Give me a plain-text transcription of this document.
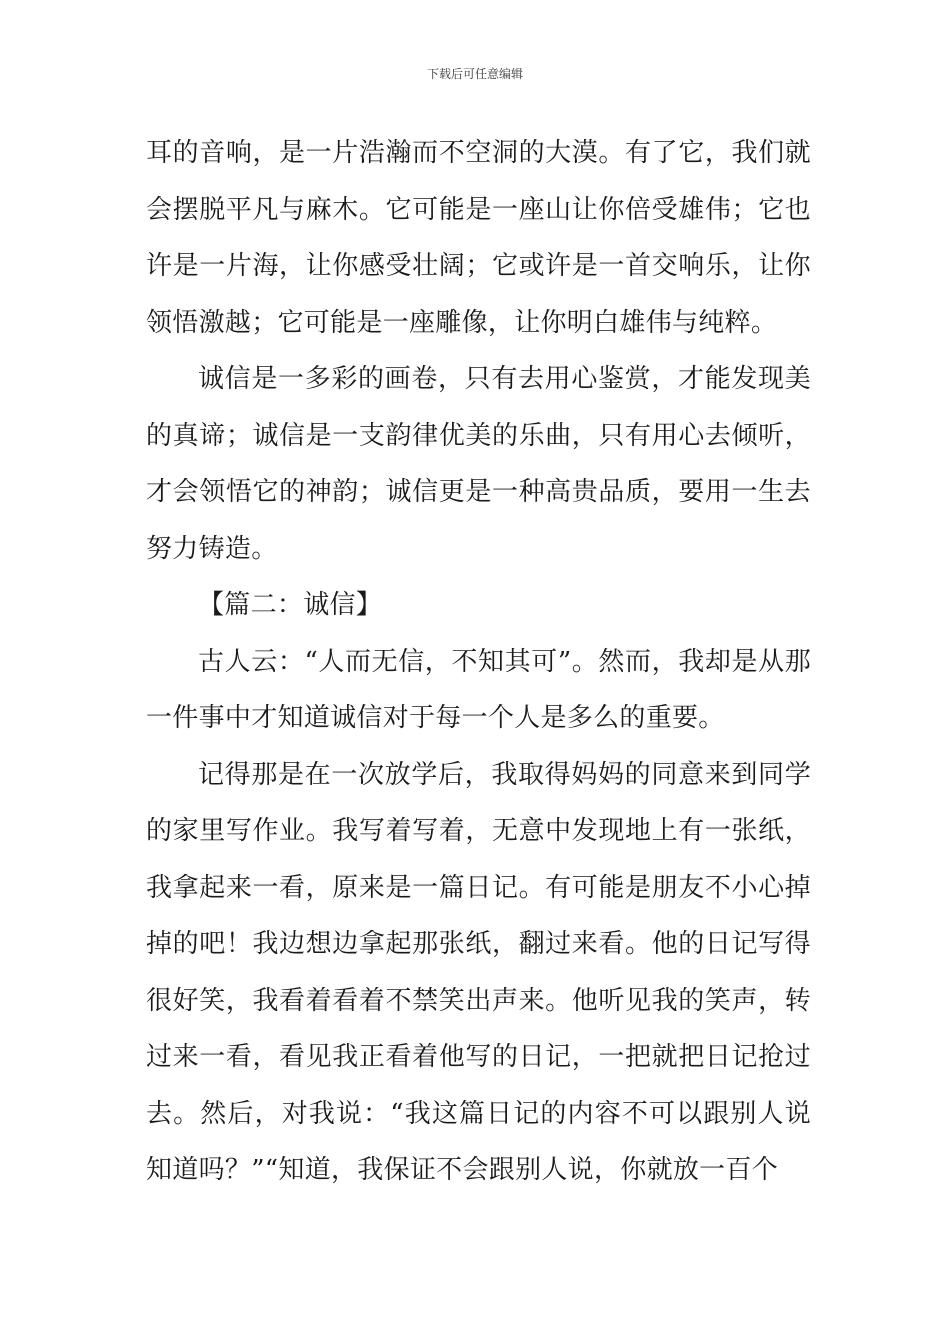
下载后可任意编辑

耳的音响，是一片浩瀚而不空洞的大漠。有了它，我们就会摆脱平凡与麻木。它可能是一座山让你倍受雄伟；它也许是一片海，让你感受壮阔；它或许是一首交响乐，让你领悟激越；它可能是一座雕像，让你明白雄伟与纯粹。

诚信是一多彩的画卷，只有去用心鉴赏，才能发现美的真谛；诚信是一支韵律优美的乐曲，只有用心去倾听，才会领悟它的神韵；诚信更是一种高贵品质，要用一生去努力铸造。

【篇二：诚信】

古人云：“人而无信，不知其可”。然而，我却是从那一件事中才知道诚信对于每一个人是多么的重要。

记得那是在一次放学后，我取得妈妈的同意来到同学的家里写作业。我写着写着，无意中发现地上有一张纸，我拿起来一看，原来是一篇日记。有可能是朋友不小心掉掉的吧！我边想边拿起那张纸，翻过来看。他的日记写得很好笑，我看着看着不禁笑出声来。他听见我的笑声，转过来一看，看见我正看着他写的日记，一把就把日记抢过去。然后，对我说：“我这篇日记的内容不可以跟别人说知道吗？”“知道，我保证不会跟别人说，你就放一百个
